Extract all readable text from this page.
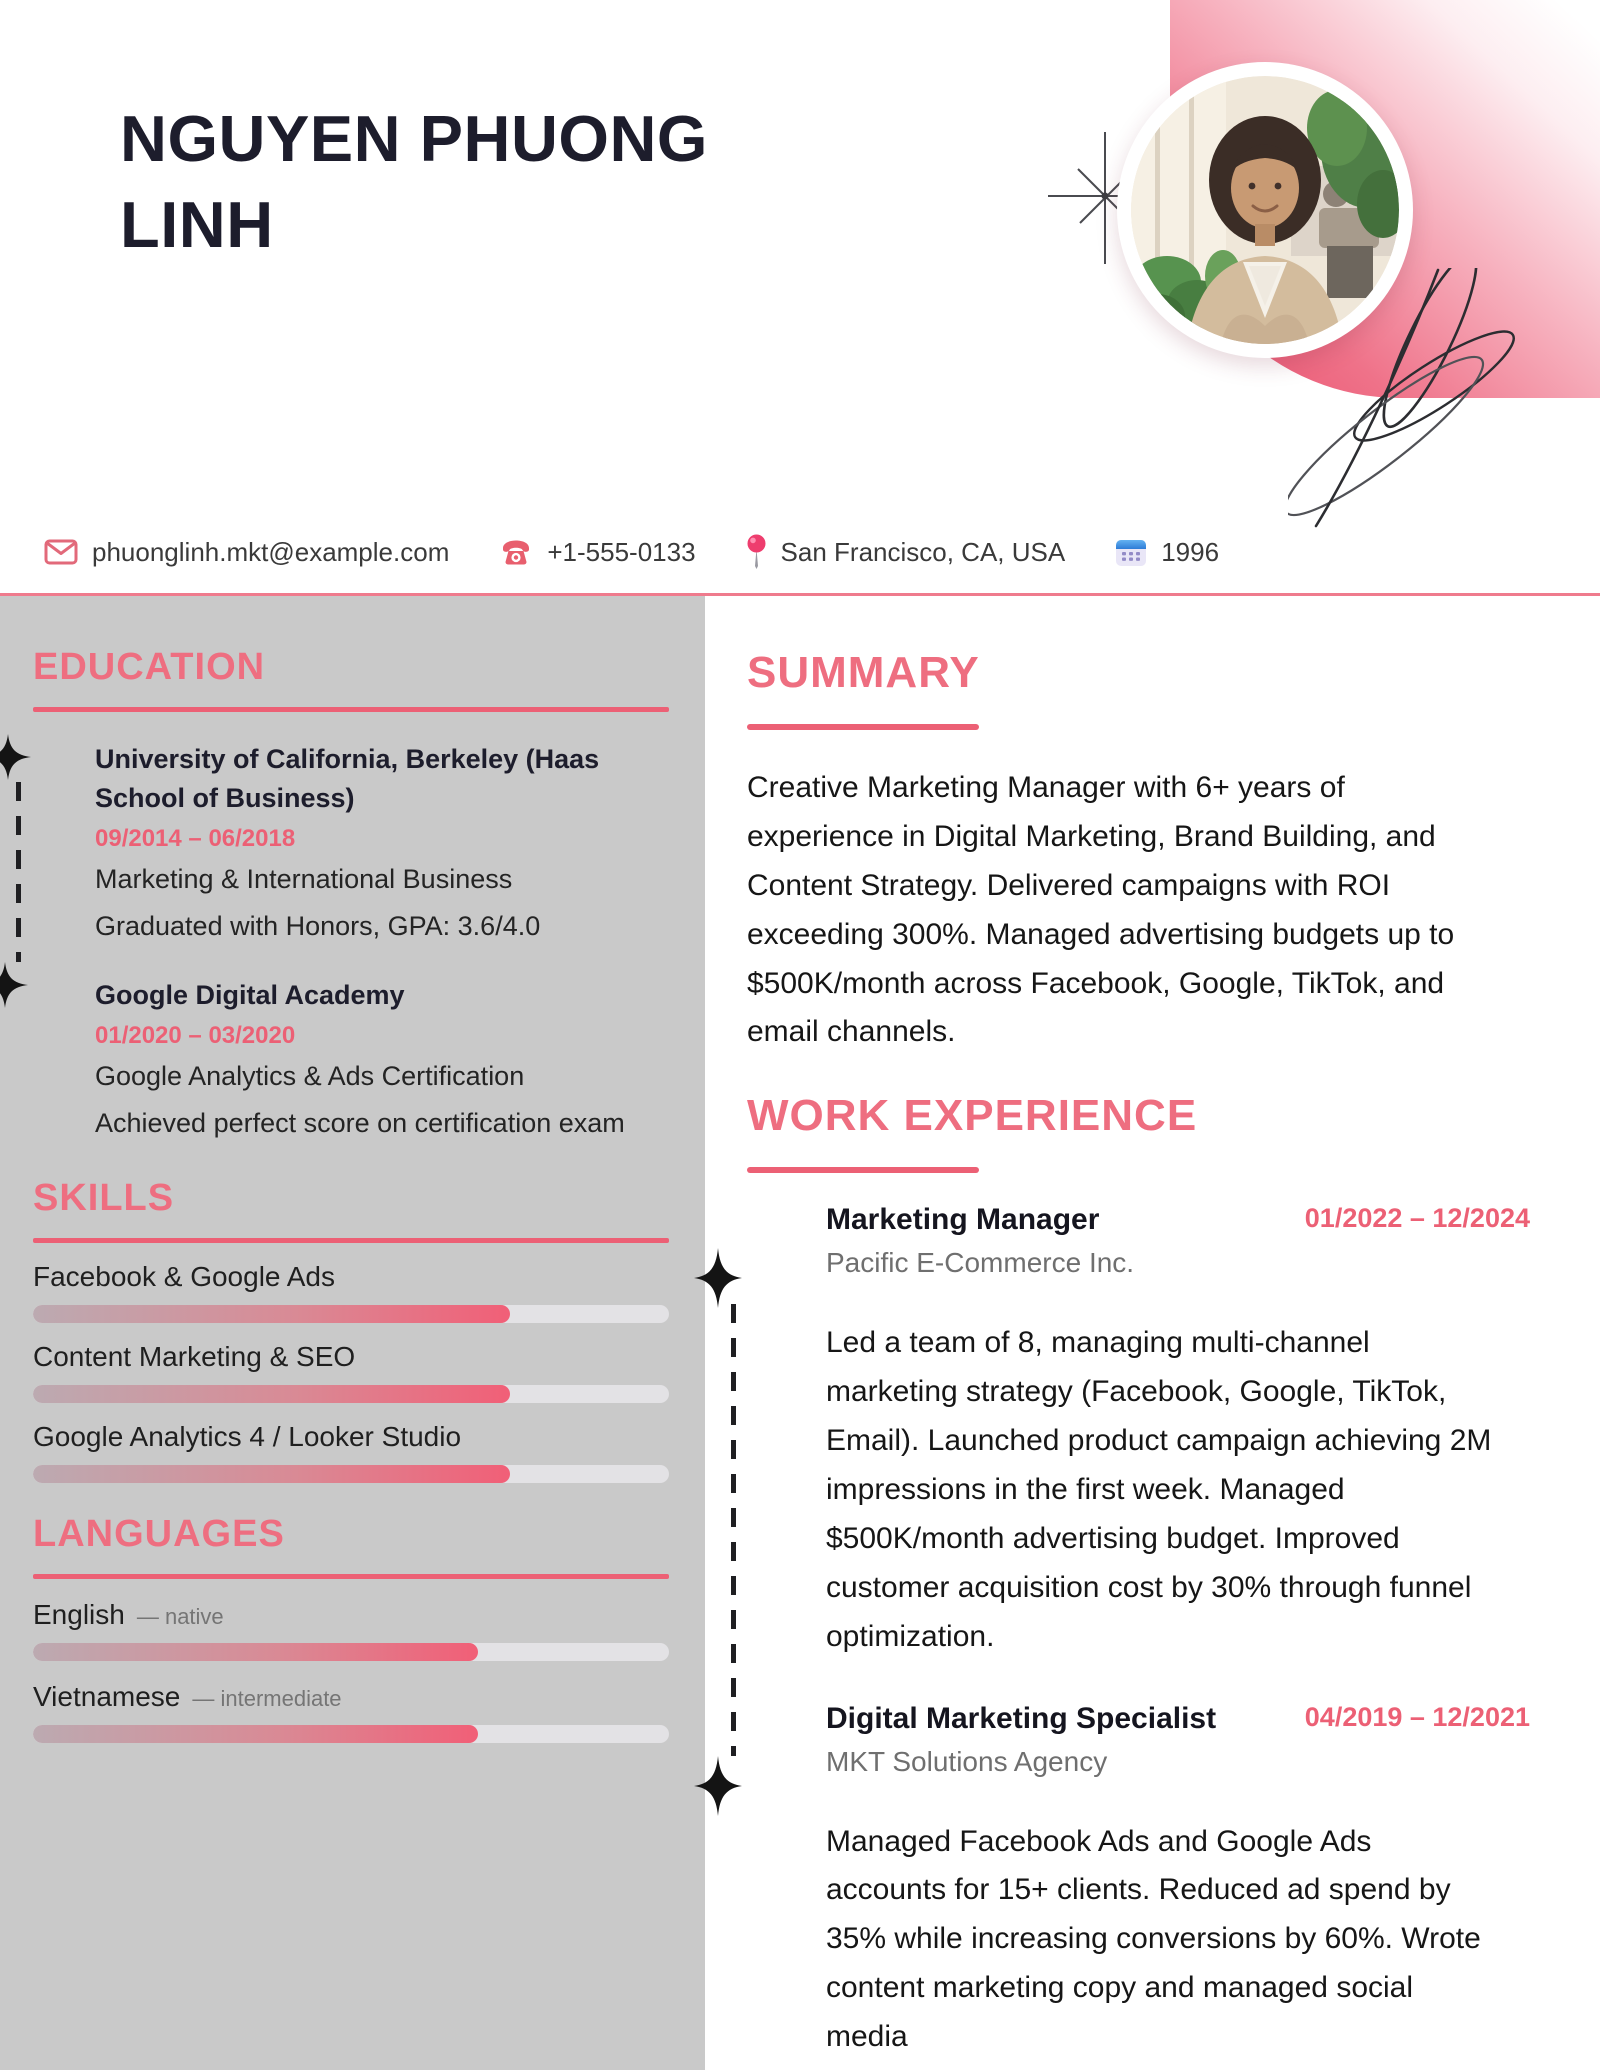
NGUYEN PHUONG LINH
phuonglinh.mkt@example.com	+1-555-0133	San Francisco, CA, USA	1996
EDUCATION
University of California, Berkeley (Haas School of Business)
09/2014 – 06/2018
Marketing & International Business
Graduated with Honors, GPA: 3.6/4.0
Google Digital Academy
01/2020 – 03/2020
Google Analytics & Ads Certification
Achieved perfect score on certification exam
SKILLS
Facebook & Google Ads
Content Marketing & SEO
Google Analytics 4 / Looker Studio
LANGUAGES
English — native
Vietnamese — intermediate
SUMMARY

Creative Marketing Manager with 6+ years of experience in Digital Marketing, Brand Building, and Content Strategy. Delivered campaigns with ROI exceeding 300%. Managed advertising budgets up to $500K/month across Facebook, Google, TikTok, and email channels.

WORK EXPERIENCE
Marketing Manager	01/2022 – 12/2024
Pacific E-Commerce Inc.

Led a team of 8, managing multi-channel marketing strategy (Facebook, Google, TikTok, Email). Launched product campaign achieving 2M impressions in the first week. Managed $500K/month advertising budget. Improved customer acquisition cost by 30% through funnel optimization.

Digital Marketing Specialist	04/2019 – 12/2021
MKT Solutions Agency

Managed Facebook Ads and Google Ads accounts for 15+ clients. Reduced ad spend by 35% while increasing conversions by 60%. Wrote content marketing copy and managed social media
